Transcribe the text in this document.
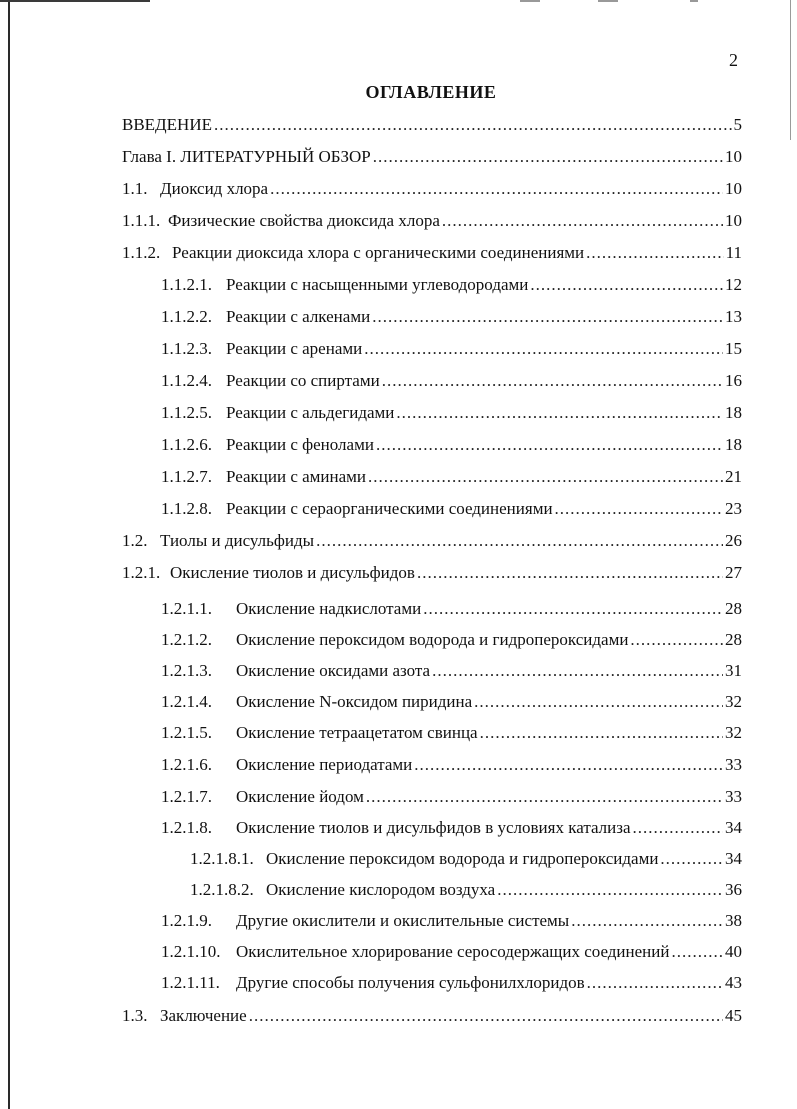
2
ОГЛАВЛЕНИЕ
ВВЕДЕНИЕ .....	5
Глава I. ЛИТЕРАТУРНЫЙ ОБЗОР .....	10
1.1. Диоксид хлора .....	10
1.1.1. Физические свойства диоксида хлора .....	10
1.1.2. Реакции диоксида хлора с органическими соединениями .....	11
1.1.2.1. Реакции с насыщенными углеводородами .....	12
1.1.2.2. Реакции с алкенами .....	13
1.1.2.3. Реакции с аренами .....	15
1.1.2.4. Реакции со спиртами .....	16
1.1.2.5. Реакции с альдегидами .....	18
1.1.2.6. Реакции с фенолами .....	18
1.1.2.7. Реакции с аминами .....	21
1.1.2.8. Реакции с сераорганическими соединениями .....	23
1.2. Тиолы и дисульфиды .....	26
1.2.1. Окисление тиолов и дисульфидов .....	27
1.2.1.1.	Окисление надкислотами .....	28
1.2.1.2.	Окисление пероксидом водорода и гидропероксидами .....	28
1.2.1.3.	Окисление оксидами азота .....	31
1.2.1.4.	Окисление N-оксидом пиридина .....	32
1.2.1.5.	Окисление тетраацетатом свинца .....	32
1.2.1.6.	Окисление периодатами .....	33
1.2.1.7.	Окисление йодом .....	33
1.2.1.8.	Окисление тиолов и дисульфидов в условиях катализа .....	34
1.2.1.8.1. Окисление пероксидом водорода и гидропероксидами .....	34
1.2.1.8.2. Окисление кислородом воздуха .....	36
1.2.1.9.	Другие окислители и окислительные системы .....	38
1.2.1.10. Окислительное хлорирование серосодержащих соединений .....	40
1.2.1.11. Другие способы получения сульфонилхлоридов .....	43
1.3. Заключение .....	45
